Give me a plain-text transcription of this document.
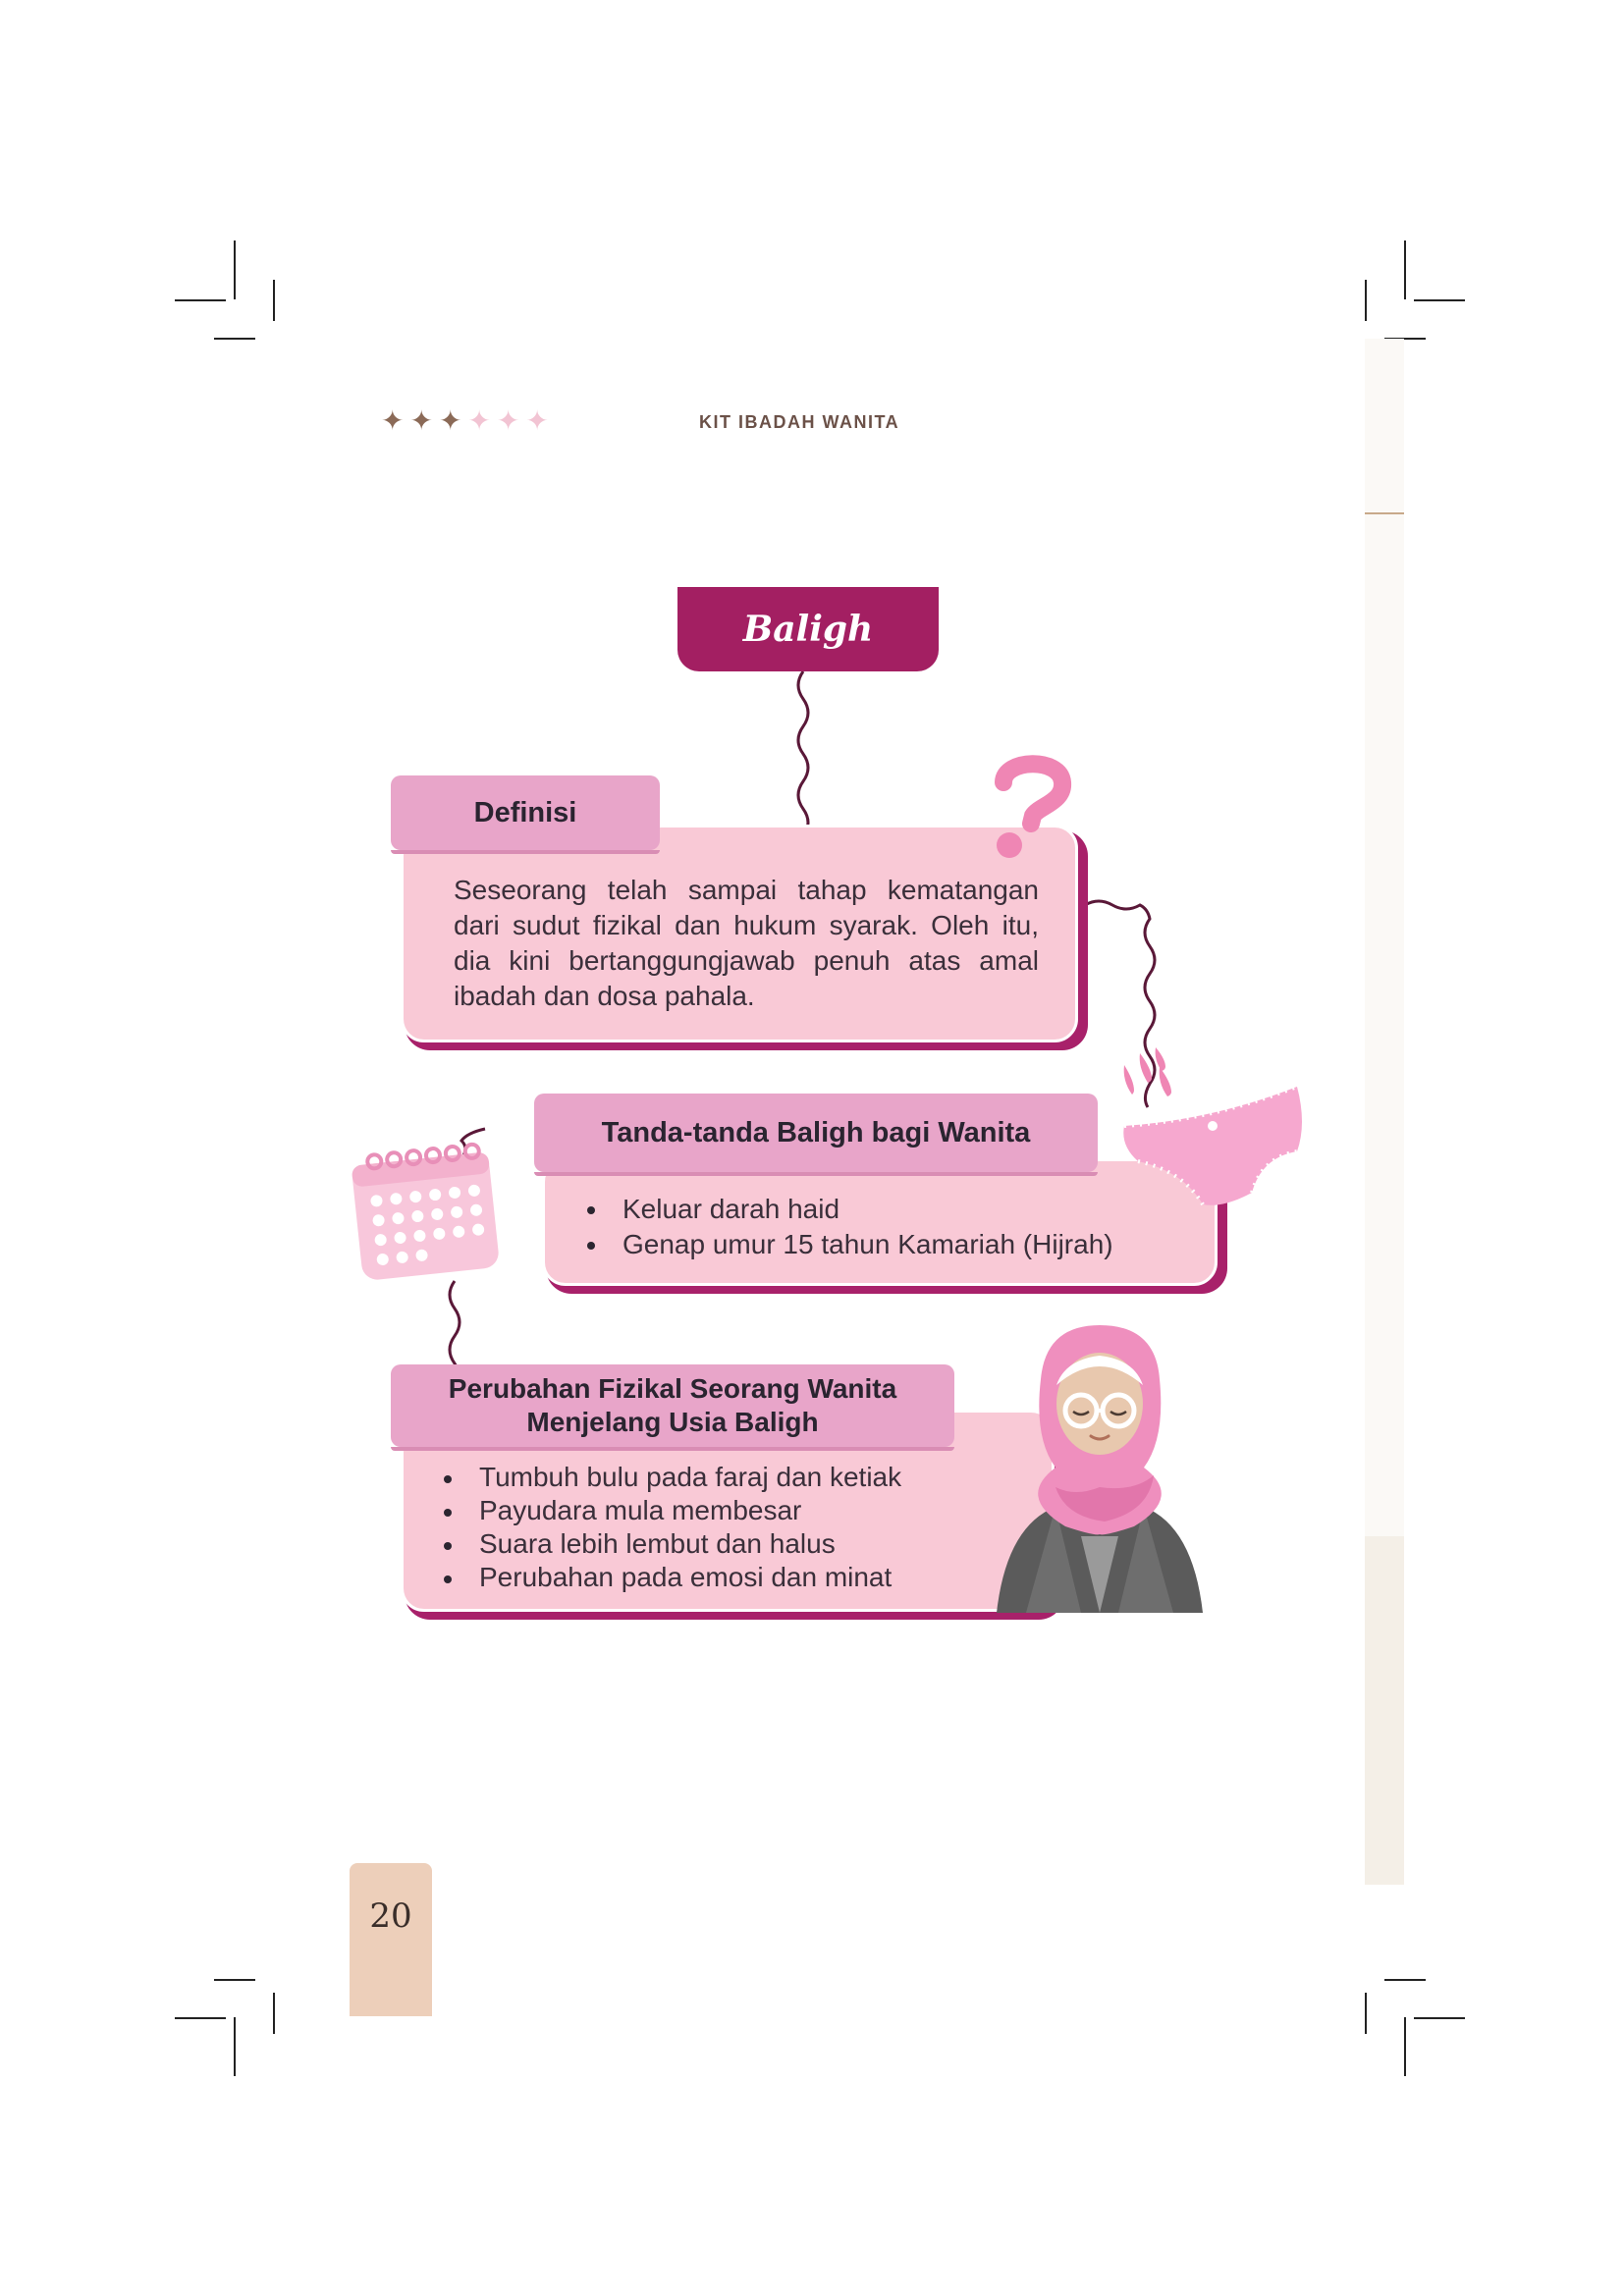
✦✦✦✦✦✦	KIT IBADAH WANITA
Baligh
Definisi
Seseorang telah sampai tahap kematangan dari sudut fizikal dan hukum syarak. Oleh itu, dia kini bertanggungjawab penuh atas amal ibadah dan dosa pahala.
Tanda-tanda Baligh bagi Wanita
Keluar darah haid
Genap umur 15 tahun Kamariah (Hijrah)
Perubahan Fizikal Seorang Wanita
Menjelang Usia Baligh
Tumbuh bulu pada faraj dan ketiak
Payudara mula membesar
Suara lebih lembut dan halus
Perubahan pada emosi dan minat
20
